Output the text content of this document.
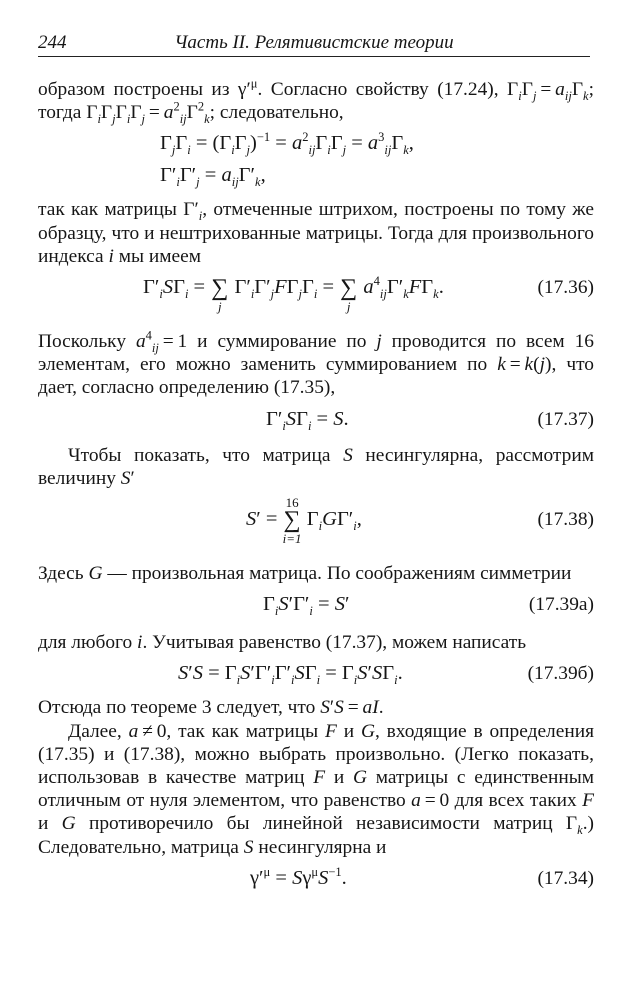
244	Часть II. Релятивистские теории

образом построены из $\gamma'^\mu$. Согласно свойству (17.24), $\Gamma_i\Gamma_j = a_{ij}\Gamma_k$; тогда $\Gamma_i\Gamma_j\Gamma_i\Gamma_j = a^2_{ij}\Gamma^2_k$; следовательно,

$\Gamma_j\Gamma_i = (\Gamma_i\Gamma_j)^{-1} = a^2_{ij}\Gamma_i\Gamma_j = a^3_{ij}\Gamma_k$,
$\Gamma'_i\Gamma'_j = a_{ij}\Gamma'_k$,

так как матрицы $\Gamma'_i$, отмеченные штрихом, построены по тому же образцу, что и нештрихованные матрицы. Тогда для произвольного индекса i мы имеем

$\Gamma'_iS\Gamma_i$ = ∑
j
$\Gamma'_i\Gamma'_jF\Gamma_j\Gamma_i$ = ∑
j
$a^4_{ij}\Gamma'_kF\Gamma_k$.	(17.36)

Поскольку $a^4_{ij} = 1$ и суммирование по j проводится по всем 16 элементам, его можно заменить суммированием по k = k(j), что дает, согласно определению (17.35),

$\Gamma'_iS\Gamma_i = S$.	(17.37)

Чтобы показать, что матрица S несингулярна, рассмотрим величину S′

S′ = ∑
16
i=1
$\Gamma_iG\Gamma'_i$,	(17.38)

Здесь G — произвольная матрица. По соображениям симметрии

$\Gamma_iS'\Gamma'_i = S'$	(17.39а)

для любого i. Учитывая равенство (17.37), можем написать

$S'S = \Gamma_iS'\Gamma'_i\Gamma'_iS\Gamma_i = \Gamma_iS'S\Gamma_i$.	(17.39б)

Отсюда по теореме 3 следует, что S′S = aI.

Далее, a ≠ 0, так как матрицы F и G, входящие в определения (17.35) и (17.38), можно выбрать произвольно. (Легко показать, использовав в качестве матриц F и G матрицы с единственным отличным от нуля элементом, что равенство a = 0 для всех таких F и G противоречило бы линейной независимости матриц $\Gamma_k$.) Следовательно, матрица S несингулярна и

$\gamma'^\mu = S\gamma^\mu S^{-1}$.	(17.34)
